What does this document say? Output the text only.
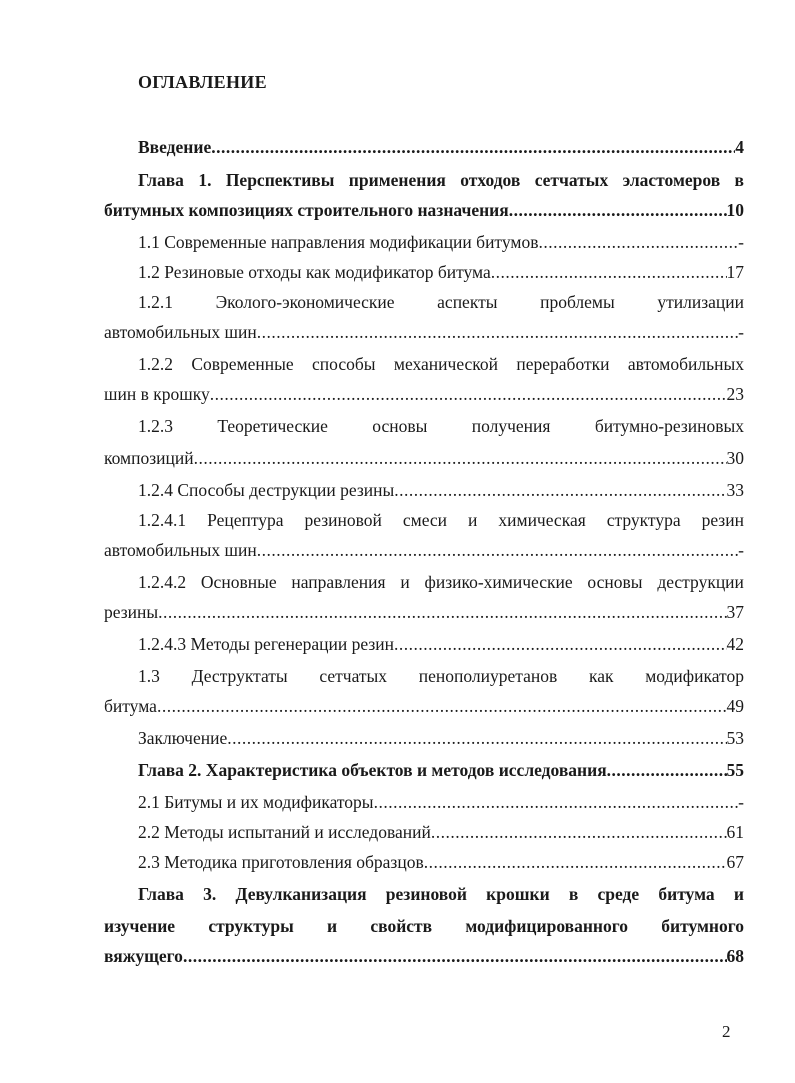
ОГЛАВЛЕНИЕ
Введение .....	4
Глава 1. Перспективы применения отходов сетчатых эластомеров в
битумных композициях строительного назначения .....	10
1.1 Современные направления модификации битумов .....	-
1.2 Резиновые отходы как модификатор битума .....	17
1.2.1 Эколого-экономические аспекты проблемы утилизации
автомобильных шин .....	-
1.2.2 Современные способы механической переработки автомобильных
шин в крошку .....	23
1.2.3	Теоретические	основы	получения	битумно-резиновых
композиций .....	30
1.2.4 Способы деструкции резины .....	33
1.2.4.1 Рецептура резиновой смеси и химическая структура резин
автомобильных шин .....	-
1.2.4.2 Основные направления и физико-химические основы деструкции
резины .....	37
1.2.4.3 Методы регенерации резин .....	42
1.3 Деструктаты сетчатых пенополиуретанов как модификатор
битума .....	49
Заключение .....	53
Глава 2. Характеристика объектов и методов исследования .....	55
2.1 Битумы и их модификаторы .....	-
2.2 Методы испытаний и исследований .....	61
2.3 Методика приготовления образцов .....	67
Глава 3. Девулканизация резиновой крошки в среде битума и
изучение структуры и свойств модифицированного битумного
вяжущего .....	68
2
